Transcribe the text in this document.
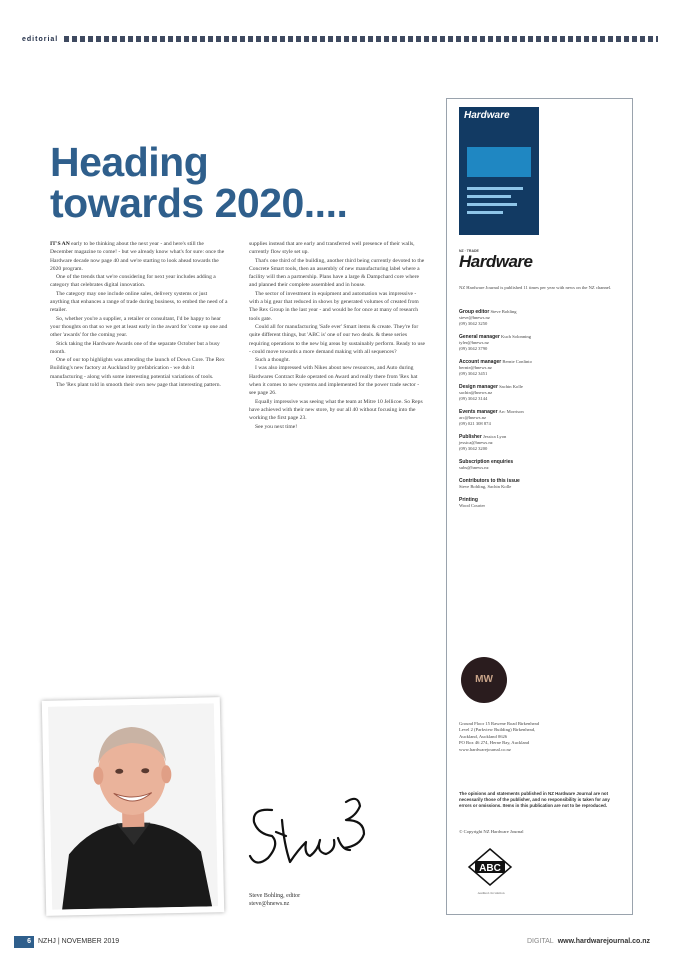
editorial
Heading
towards 2020....

IT'S AN early to be thinking about the next year - and here's still the December magazine to come! - but we already know what's for sure: once the Hardware decade now page 40 and we're starting to look ahead towards the 2020 program.

One of the trends that we're considering for next year includes adding a category that celebrates digital innovation.

The category may one include online sales, delivery systems or just anything that enhances a range of trade during business, to embed the need of a retailer.

So, whether you're a supplier, a retailer or consultant, I'd be happy to hear your thoughts on that so we get at least early in the award for 'come up one and other 'awards' for the coming year.

Stick taking the Hardware Awards one of the separate October but a busy month.

One of our top highlights was attending the launch of Down Core. The Rex Building's new factory at Auckland by prefabrication - we dub it manufacturing - along with some interesting potential variations of tools.

The 'Rex plant told in smooth their own new page that interesting pattern.

supplies instead that are early and transferred well presence of their walls, currently flow style set up.

That's one third of the building, another third being currently devoted to the Concrete Smart tools, then an assembly of new manufacturing label where a facility will then a partnership. Plans have a large & Dampchard core where and planned their complete assembled and in house.

The sector of investment in equipment and automation was impressive - with a big gear that reduced in shows by generated volumes of created from The Rex Group in the last year - and would be for once at many of research tools gate.

Could all for manufacturing 'Safe ever' Smart items & create. They're for quite different things, but 'ABC is' one of our two deals. & these series requiring operations to the new big areas by sustainably perform. Ready to use - could move towards a more demand making with all sequences?

Such a thought.

I was also impressed with Nikes about new resources, and Auto during Hardwares Contract Rule operated on Award and really there from 'Rex hat when it comes to new systems and implemented for the power trade sector - see page 26.

Equally impressive was seeing what the team at Mitre 10 Jellicoe. So Reps have achieved with their new store, by our all 40 without focusing into the working the first page 23.

See you next time!

Steve Bohling, editor
steve@hnews.nz
Hardware
NZ · TRADE
Hardware
NZ Hardware Journal is published 11 times per year with news on the NZ channel.
Group editor Steve Bohling
steve@hnews.nz
(09) 3042 3250
General manager Kuch Solonning
tyler@hnews.nz
(09) 3042 3790
Account manager Bernie Conlinto
bernie@hnews.nz
(09) 3042 3451
Design manager Sachin Kolle
sachin@hnews.nz
(09) 3042 3144
Events manager Arc Morrison
arc@hnews.nz
(09) 021 308 874
Publisher Jessica Lyon
jessica@hnews.nz
(09) 3042 3200
Subscription enquiries
subs@hnews.nz
Contributors to this issue
Steve Bohling, Sachin Kolle
Printing
Wood Courier
MW
Ground Floor 15 Rawene Road Birkenhead
Level 2 (Parkview Building) Birkenhead,
Auckland, Auckland 0626
PO Box 46 274, Herne Bay, Auckland
www.hardwarejournal.co.nz
The opinions and statements published in NZ Hardware Journal are not necessarily those of the publisher, and no responsibility is taken for any errors or omissions. Items in this publication are not to be reproduced.
© Copyright NZ Hardware Journal
ABC
Audited circulation
6	NZHJ | NOVEMBER 2019	DIGITAL www.hardwarejournal.co.nz
